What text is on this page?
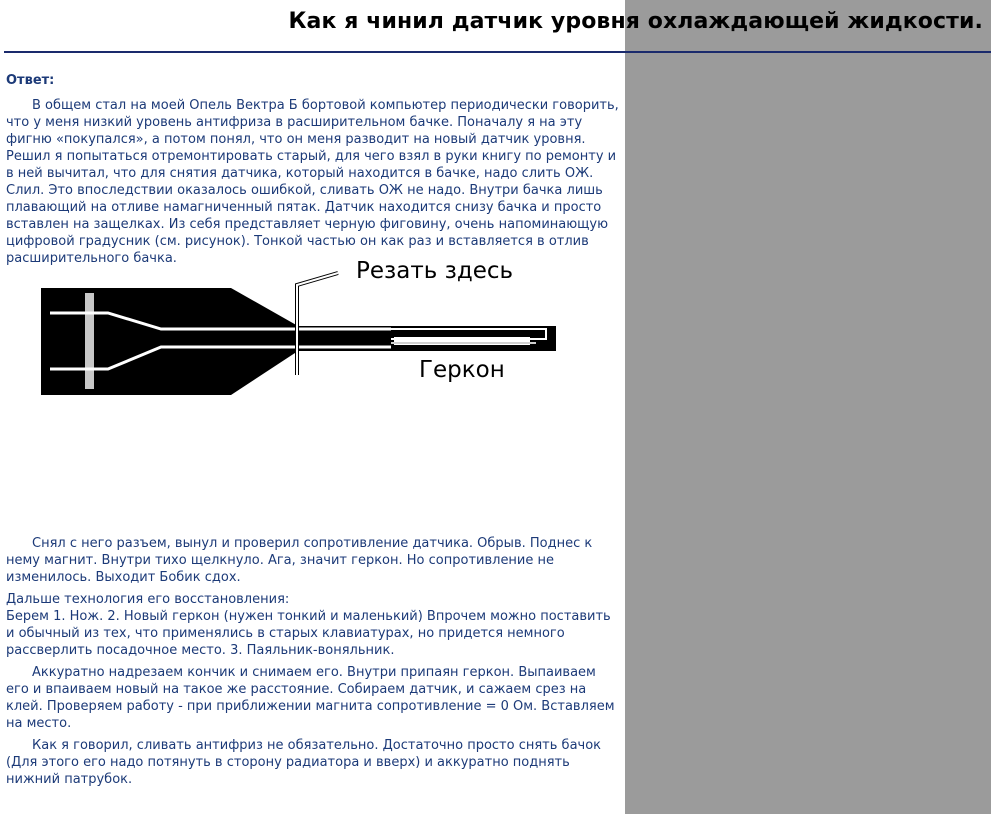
Как я чинил датчик уровня охлаждающей жидкости.
Ответ:

В общем стал на моей Опель Вектра Б бортовой компьютер периодически говорить, что у меня низкий уровень антифриза в расширительном бачке. Поначалу я на эту фигню «покупался», а потом понял, что он меня разводит на новый датчик уровня. Решил я попытаться отремонтировать старый, для чего взял в руки книгу по ремонту и в ней вычитал, что для снятия датчика, который находится в бачке, надо слить ОЖ. Слил. Это впоследствии оказалось ошибкой, сливать ОЖ не надо. Внутри бачка лишь плавающий на отливе намагниченный пятак. Датчик находится снизу бачка и просто вставлен на защелках. Из себя представляет черную фиговину, очень напоминающую цифровой градусник (см. рисунок). Тонкой частью он как раз и вставляется в отлив расширительного бачка.	Резать здесь
Геркон

Снял с него разъем, вынул и проверил сопротивление датчика. Обрыв. Поднес к нему магнит. Внутри тихо щелкнуло. Ага, значит геркон. Но сопротивление не изменилось. Выходит Бобик сдох.

Дальше технология его восстановления:
Берем 1. Нож. 2. Новый геркон (нужен тонкий и маленький) Впрочем можно поставить и обычный из тех, что применялись в старых клавиатурах, но придется немного рассверлить посадочное место. 3. Паяльник-воняльник.

Аккуратно надрезаем кончик и снимаем его. Внутри припаян геркон. Выпаиваем его и впаиваем новый на такое же расстояние. Собираем датчик, и сажаем срез на клей. Проверяем работу - при приближении магнита сопротивление = 0 Ом. Вставляем на место.

Как я говорил, сливать антифриз не обязательно. Достаточно просто снять бачок (Для этого его надо потянуть в сторону радиатора и вверх) и аккуратно поднять нижний патрубок.
